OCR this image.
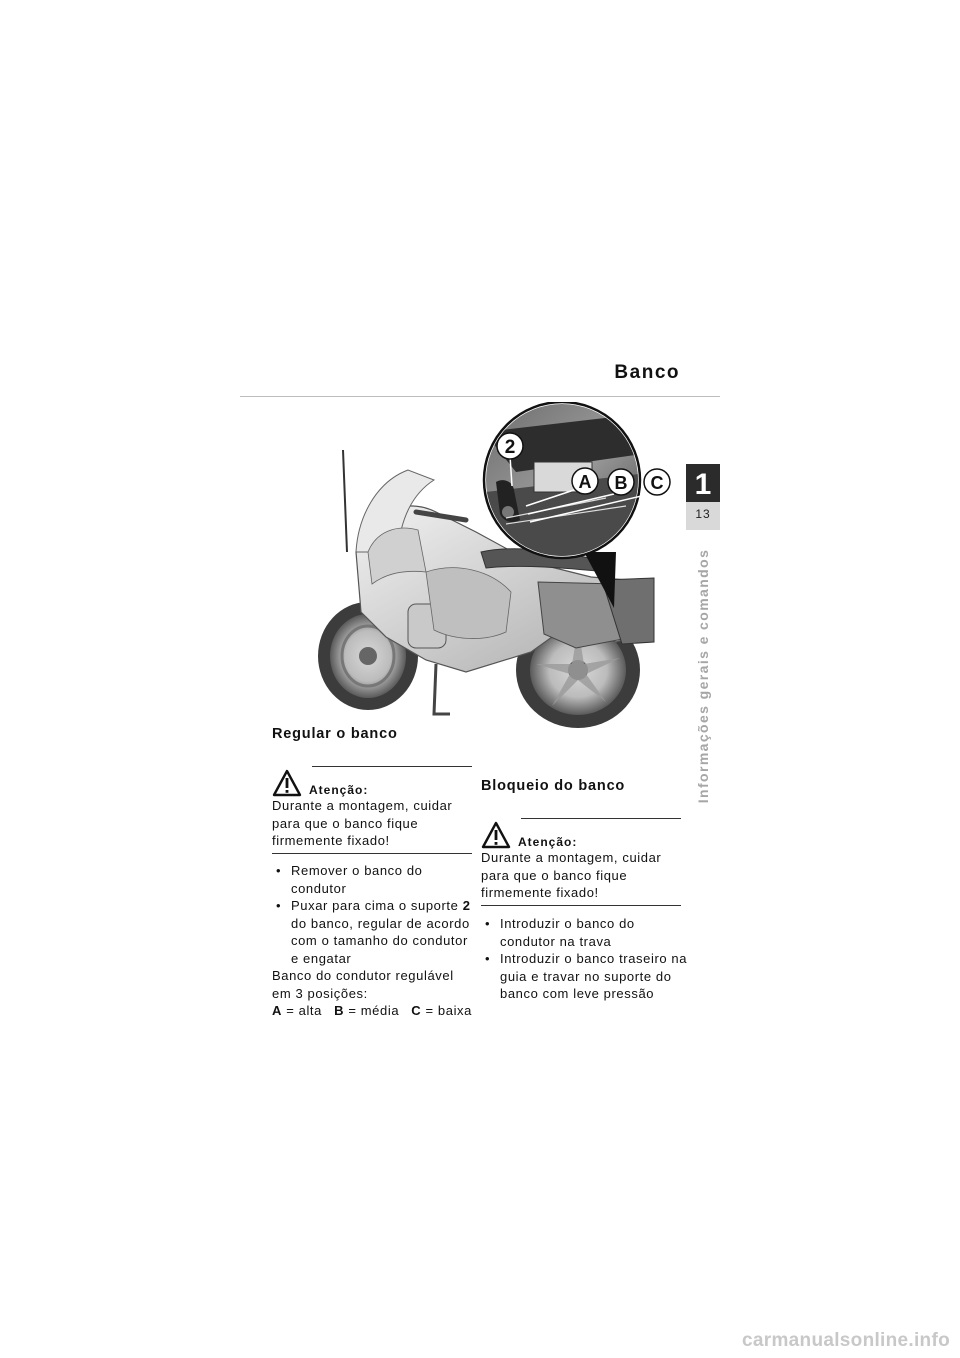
Banco
1
13
Informações gerais e comandos
2
A B C
Regular o banco
Atenção:
Durante a montagem, cuidar
para que o banco fique
firmemente fixado!
• Remover o banco do condutor
• Puxar para cima o suporte 2
do banco, regular de acordo
com o tamanho do condutor
e engatar
Banco do condutor regulável
em 3 posições:
A = alta B = média C = baixa
Bloqueio do banco
Atenção:
Durante a montagem, cuidar
para que o banco fique
firmemente fixado!
• Introduzir o banco do
condutor na trava
• Introduzir o banco traseiro na
guia e travar no suporte do
banco com leve pressão
carmanualsonline.info
